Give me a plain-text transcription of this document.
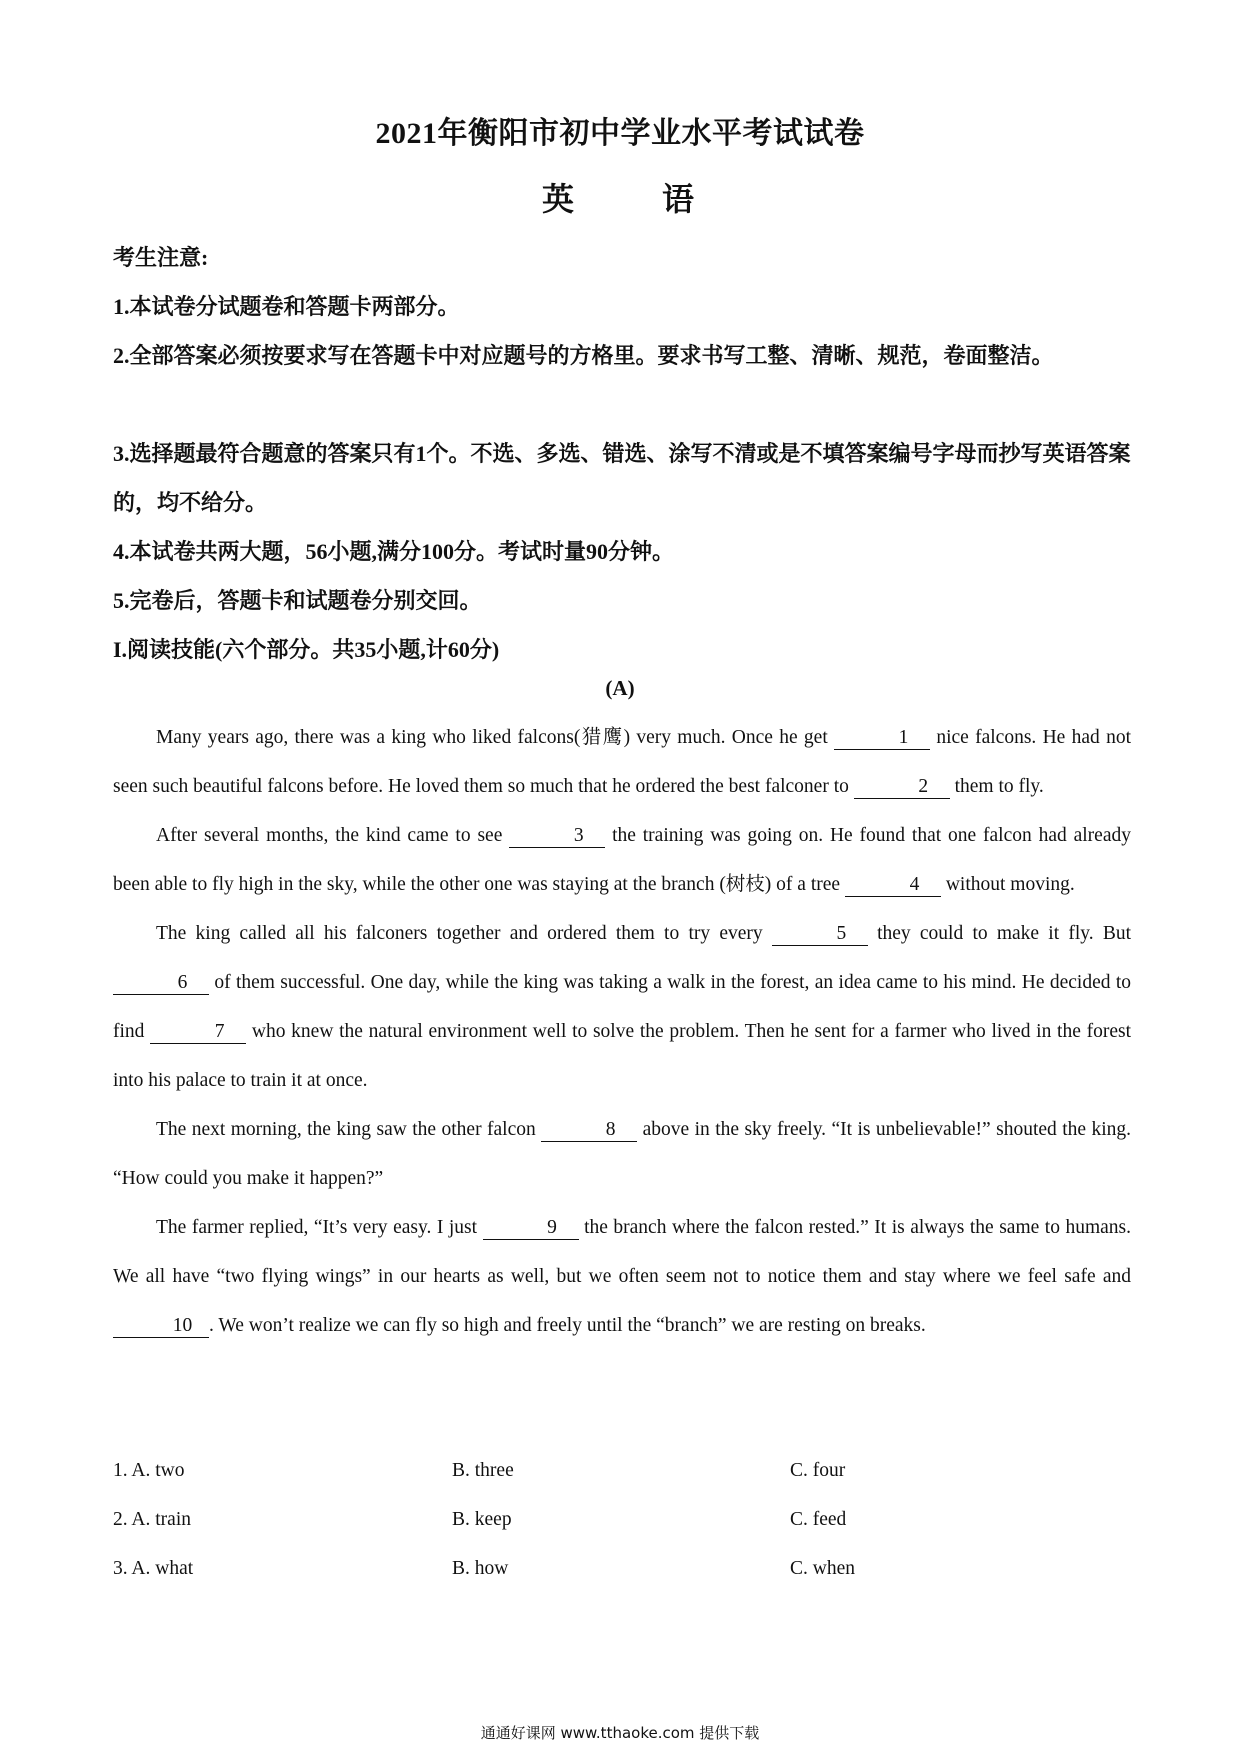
2021年衡阳市初中学业水平考试试卷
英　语
考生注意:
1.本试卷分试题卷和答题卡两部分。
2.全部答案必须按要求写在答题卡中对应题号的方格里。要求书写工整、清晰、规范，卷面整洁。
3.选择题最符合题意的答案只有1个。不选、多选、错选、涂写不清或是不填答案编号字母而抄写英语答案的，均不给分。
4.本试卷共两大题，56小题,满分100分。考试时量90分钟。
5.完卷后，答题卡和试题卷分别交回。
I.阅读技能(六个部分。共35小题,计60分)
(A)

Many years ago, there was a king who liked falcons(猎鹰) very much. Once he get	1 nice falcons. He had not seen such beautiful falcons before. He loved them so much that he ordered the best falconer to	2 them to fly.

After several months, the kind came to see	3 the training was going on. He found that one falcon had already been able to fly high in the sky, while the other one was staying at the branch (树枝) of a tree	4 without moving.

The king called all his falconers together and ordered them to try every	5 they could to make it fly. But 6 of them successful. One day, while the king was taking a walk in the forest, an idea came to his mind. He decided to find	7 who knew the natural environment well to solve the problem. Then he sent for a farmer who lived in the forest into his palace to train it at once.

The next morning, the king saw the other falcon	8 above in the sky freely. “It is unbelievable!” shouted the king. “How could you make it happen?”

The farmer replied, “It’s very easy. I just	9 the branch where the falcon rested.” It is always the same to humans. We all have “two flying wings” in our hearts as well, but we often seem not to notice them and stay where we feel safe and 10 . We won’t realize we can fly so high and freely until the “branch” we are resting on breaks.

1. A. two	B. three	C. four
2. A. train	B. keep	C. feed
3. A. what	B. how	C. when
通通好课网 www.tthaoke.com 提供下载
